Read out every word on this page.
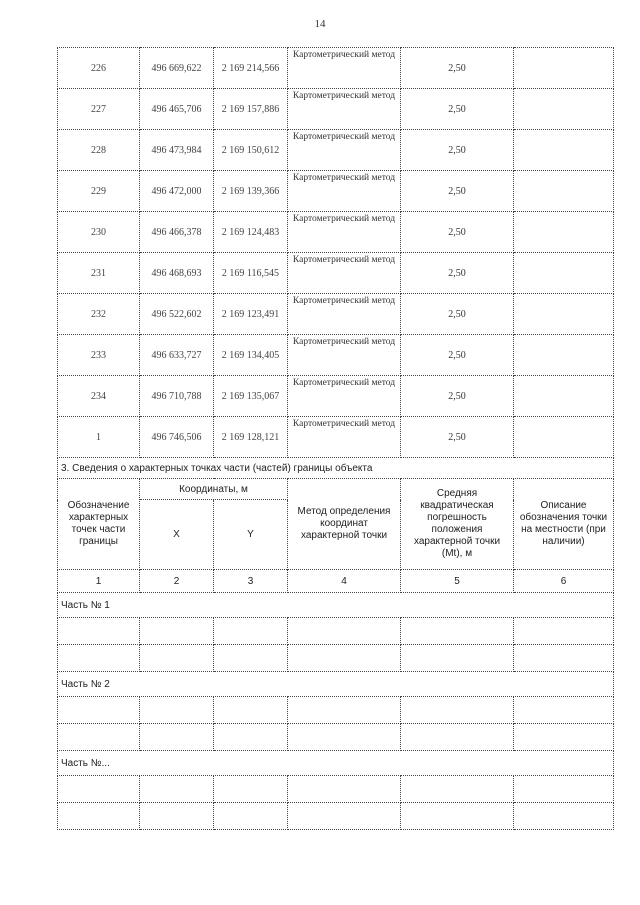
14
226	496 669,622	2 169 214,566	Картометрический метод	2,50	
227	496 465,706	2 169 157,886	Картометрический метод	2,50	
228	496 473,984	2 169 150,612	Картометрический метод	2,50	
229	496 472,000	2 169 139,366	Картометрический метод	2,50	
230	496 466,378	2 169 124,483	Картометрический метод	2,50	
231	496 468,693	2 169 116,545	Картометрический метод	2,50	
232	496 522,602	2 169 123,491	Картометрический метод	2,50	
233	496 633,727	2 169 134,405	Картометрический метод	2,50	
234	496 710,788	2 169 135,067	Картометрический метод	2,50	
1	496 746,506	2 169 128,121	Картометрический метод	2,50	
3. Сведения о характерных точках части (частей) границы объекта					
Обозначение характерных точек части границы	Координаты, м		Метод определения координат характерной точки	Средняя квадратическая погрешность положения характерной точки (Mt), м	Описание обозначения точки на местности (при наличии)
	X	Y			
1	2	3	4	5	6
Часть № 1					

Часть № 2					

Часть №...					
